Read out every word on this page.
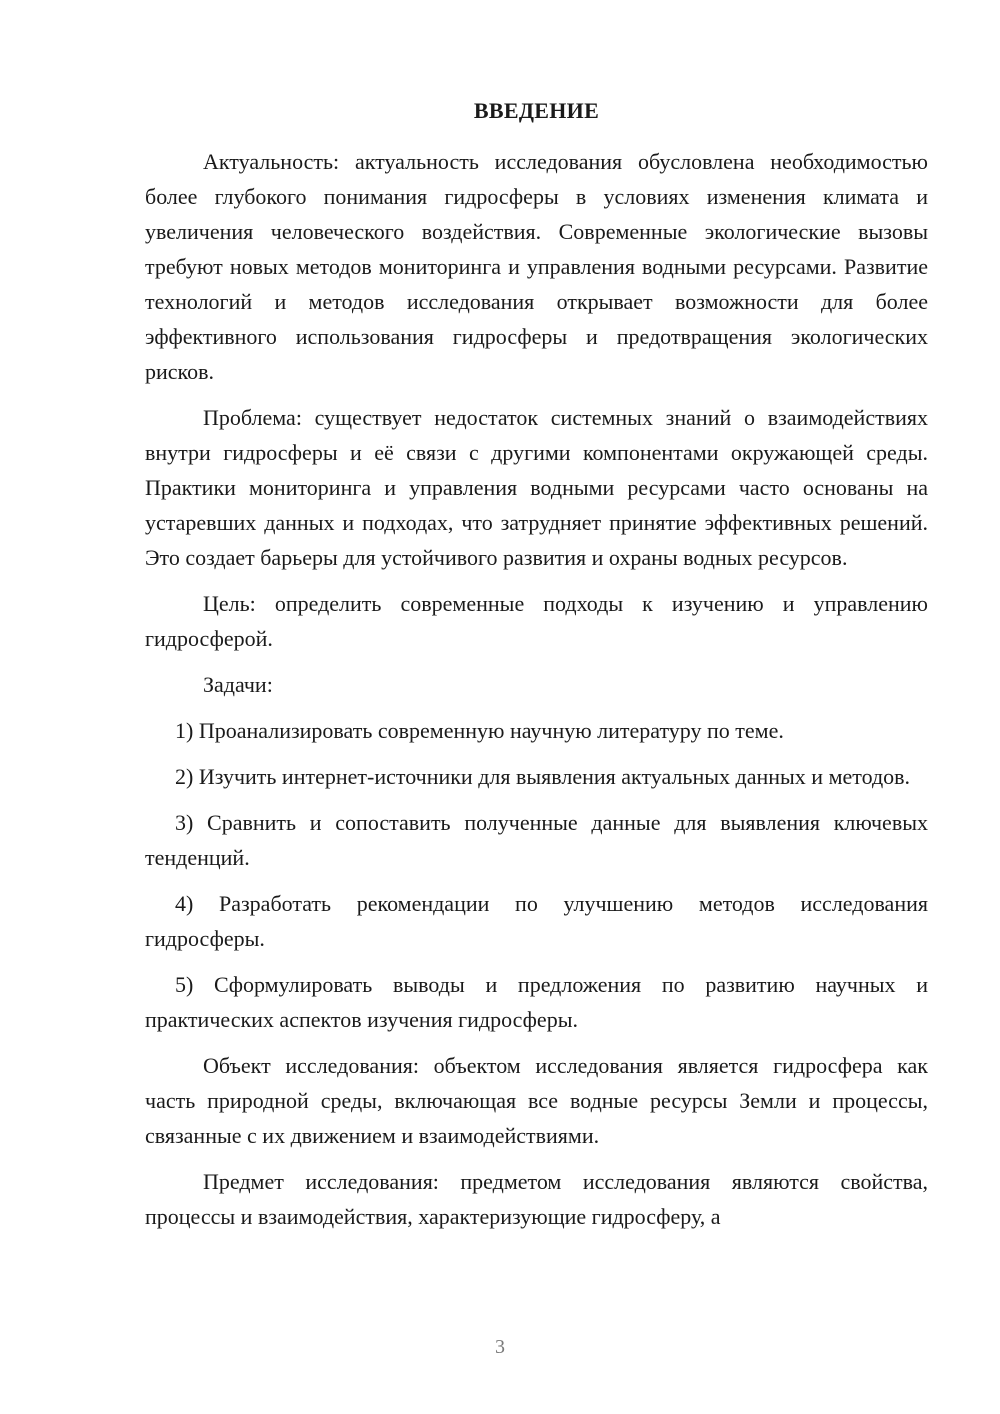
ВВЕДЕНИЕ

Актуальность: актуальность исследования обусловлена необходимостью более глубокого понимания гидросферы в условиях изменения климата и увеличения человеческого воздействия. Современные экологические вызовы требуют новых методов мониторинга и управления водными ресурсами. Развитие технологий и методов исследования открывает возможности для более эффективного использования гидросферы и предотвращения экологических рисков.

Проблема: существует недостаток системных знаний о взаимодействиях внутри гидросферы и её связи с другими компонентами окружающей среды. Практики мониторинга и управления водными ресурсами часто основаны на устаревших данных и подходах, что затрудняет принятие эффективных решений. Это создает барьеры для устойчивого развития и охраны водных ресурсов.

Цель: определить современные подходы к изучению и управлению гидросферой.

Задачи:

1) Проанализировать современную научную литературу по теме.

2) Изучить интернет-источники для выявления актуальных данных и методов.

3) Сравнить и сопоставить полученные данные для выявления ключевых тенденций.

4) Разработать рекомендации по улучшению методов исследования гидросферы.

5) Сформулировать выводы и предложения по развитию научных и практических аспектов изучения гидросферы.

Объект исследования: объектом исследования является гидросфера как часть природной среды, включающая все водные ресурсы Земли и процессы, связанные с их движением и взаимодействиями.

Предмет исследования: предметом исследования являются свойства, процессы и взаимодействия, характеризующие гидросферу, а

3
